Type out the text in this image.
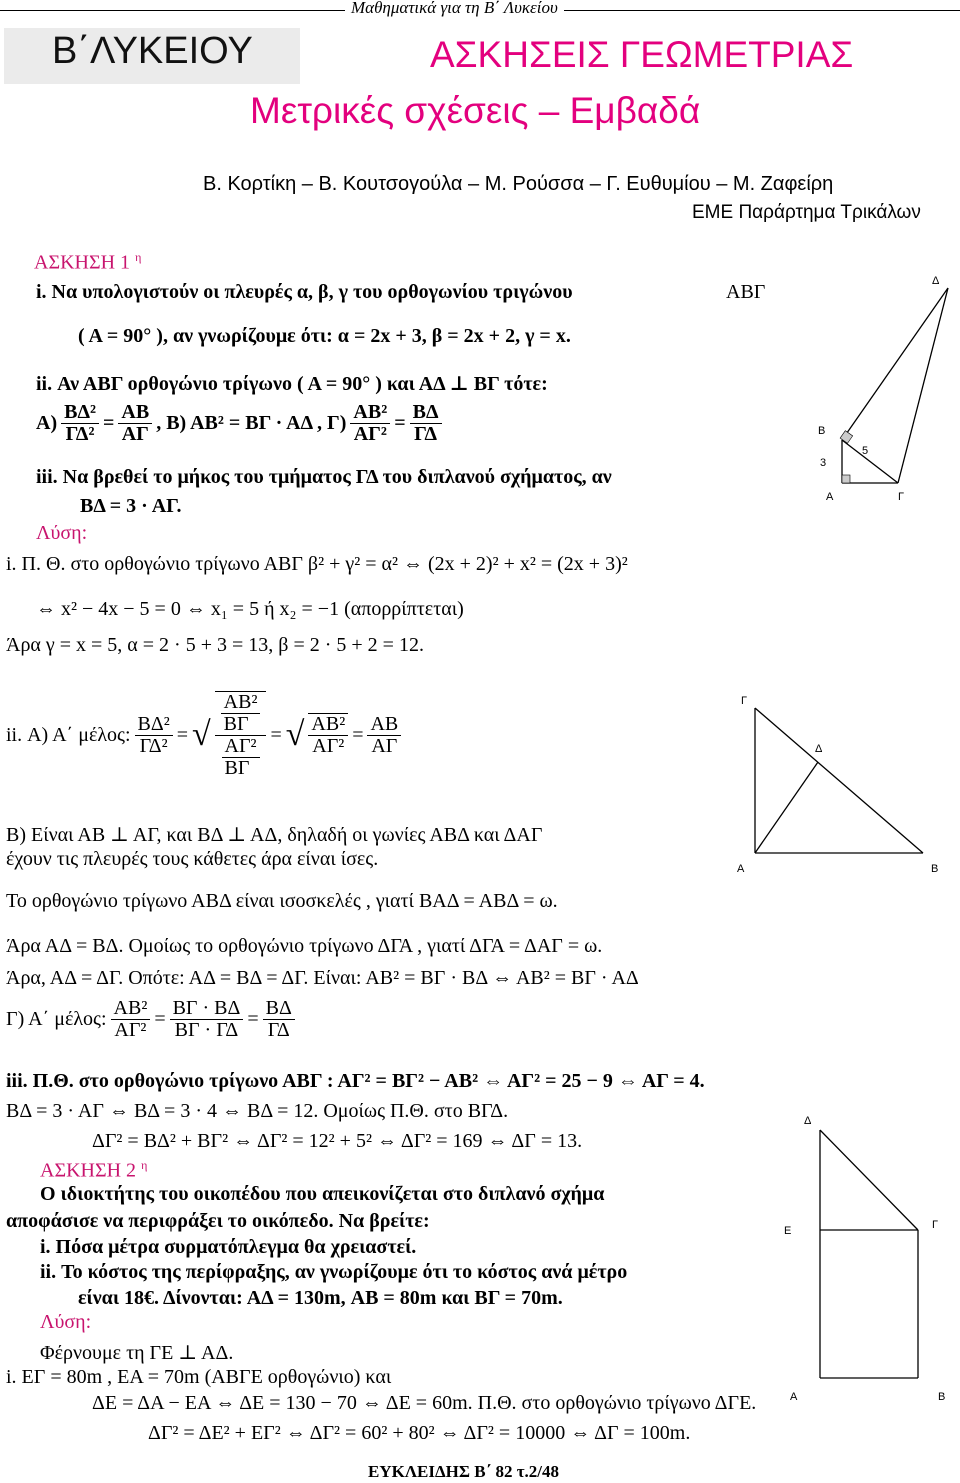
Μαθηματικά για τη Β΄ Λυκείου
Β΄ΛΥΚΕΙΟΥ	ΑΣΚΗΣΕΙΣ ΓΕΩΜΕΤΡΙΑΣ
Μετρικές σχέσεις – Εμβαδά
Β. Κορτίκη – Β. Κουτσογούλα – Μ. Ρούσσα – Γ. Ευθυμίου – Μ. Ζαφείρη
ΕΜΕ Παράρτημα Τρικάλων
ΑΣΚΗΣΗ 1 $^\eta$
i. Να υπολογιστούν οι πλευρές α, β, γ του ορθογωνίου τριγώνου	ΑΒΓ
( Α = 90° ), αν γνωρίζουμε ότι: α = 2x + 3, β = 2x + 2, γ = x.
ii. Αν ΑΒΓ ορθογώνιο τρίγωνο ( Α = 90° ) και ΑΔ ⊥ ΒΓ τότε:
$A) \frac{\text{ΒΔ²}}{\text{ΓΔ²}} = \frac{AB}{A\Gamma}$ , Β) ΑΒ² = ΒΓ · ΑΔ , $\Gamma) \frac{\text{ΑΒ²}}{\text{ΑΓ²}} = \frac{B\Delta}{\Gamma\Delta}$
iii. Να βρεθεί το μήκος του τμήματος ΓΔ του διπλανού σχήματος, αν
ΒΔ = 3 · ΑΓ.
Λύση:
i. Π. Θ. στο ορθογώνιο τρίγωνο ΑΒΓ β² + γ² = α² ⇔ (2x + 2)² + x² = (2x + 3)²
⇔ x² − 4x − 5 = 0 ⇔ x₁ = 5 ή x₂ = −1 (απορρίπτεται)
Άρα γ = x = 5, α = 2 · 5 + 3 = 13, β = 2 · 5 + 2 = 12.
ii. Α) Α΄ μέλος: $\frac{\text{ΒΔ²}}{\text{ΓΔ²}}$ = √ ΑΒ²
ΒΓ
ΑΓ²
ΒΓ = √ $\frac{\text{ΑΒ²}}{\text{ΑΓ²}} = \frac{AB}{A\Gamma}$
Β) Είναι ΑΒ ⊥ ΑΓ, και ΒΔ ⊥ ΑΔ, δηλαδή οι γωνίες ΑΒΔ και ΔΑΓ
έχουν τις πλευρές τους κάθετες άρα είναι ίσες.
Το ορθογώνιο τρίγωνο ΑΒΔ είναι ισοσκελές , γιατί ΒΑΔ = ΑΒΔ = ω.
Άρα ΑΔ = ΒΔ. Ομοίως το ορθογώνιο τρίγωνο ΔΓΑ , γιατί ΔΓΑ = ΔΑΓ = ω.
Άρα, ΑΔ = ΔΓ. Οπότε: ΑΔ = ΒΔ = ΔΓ. Είναι: ΑΒ² = ΒΓ · ΒΔ ⇔ ΑΒ² = ΒΓ · ΑΔ
Γ) Α΄ μέλος: $\frac{\text{ΑΒ²}}{\text{ΑΓ²}} = \frac{B\Gamma \cdot B\Delta}{B\Gamma \cdot \Gamma\Delta} = \frac{B\Delta}{\Gamma\Delta}$
iii. Π.Θ. στο ορθογώνιο τρίγωνο ΑΒΓ : ΑΓ² = ΒΓ² − ΑΒ² ⇔ ΑΓ² = 25 − 9 ⇔ ΑΓ = 4.
ΒΔ = 3 · ΑΓ ⇔ ΒΔ = 3 · 4 ⇔ ΒΔ = 12. Ομοίως Π.Θ. στο ΒΓΔ.
ΔΓ² = ΒΔ² + ΒΓ² ⇔ ΔΓ² = 12² + 5² ⇔ ΔΓ² = 169 ⇔ ΔΓ = 13.
ΑΣΚΗΣΗ 2 $^\eta$
Ο ιδιοκτήτης του οικοπέδου που απεικονίζεται στο διπλανό σχήμα
αποφάσισε να περιφράξει το οικόπεδο. Να βρείτε:
i. Πόσα μέτρα συρματόπλεγμα θα χρειαστεί.
ii. Το κόστος της περίφραξης, αν γνωρίζουμε ότι το κόστος ανά μέτρο
είναι 18€. Δίνονται: ΑΔ = 130m, ΑΒ = 80m και ΒΓ = 70m.
Λύση:
Φέρνουμε τη ΓΕ ⊥ ΑΔ.
i. ΕΓ = 80m , ΕΑ = 70m (ΑΒΓΕ ορθογώνιο) και
ΔΕ = ΔΑ − ΕΑ ⇔ ΔΕ = 130 − 70 ⇔ ΔΕ = 60m. Π.Θ. στο ορθογώνιο τρίγωνο ΔΓΕ.
ΔΓ² = ΔΕ² + ΕΓ² ⇔ ΔΓ² = 60² + 80² ⇔ ΔΓ² = 10000 ⇔ ΔΓ = 100m.
ΕΥΚΛΕΙΔΗΣ Β΄ 82 τ.2/48
Δ
Β
3
5
Α	Γ
Γ
Δ
Α	Β
Δ
Ε	Γ
Α	Β
